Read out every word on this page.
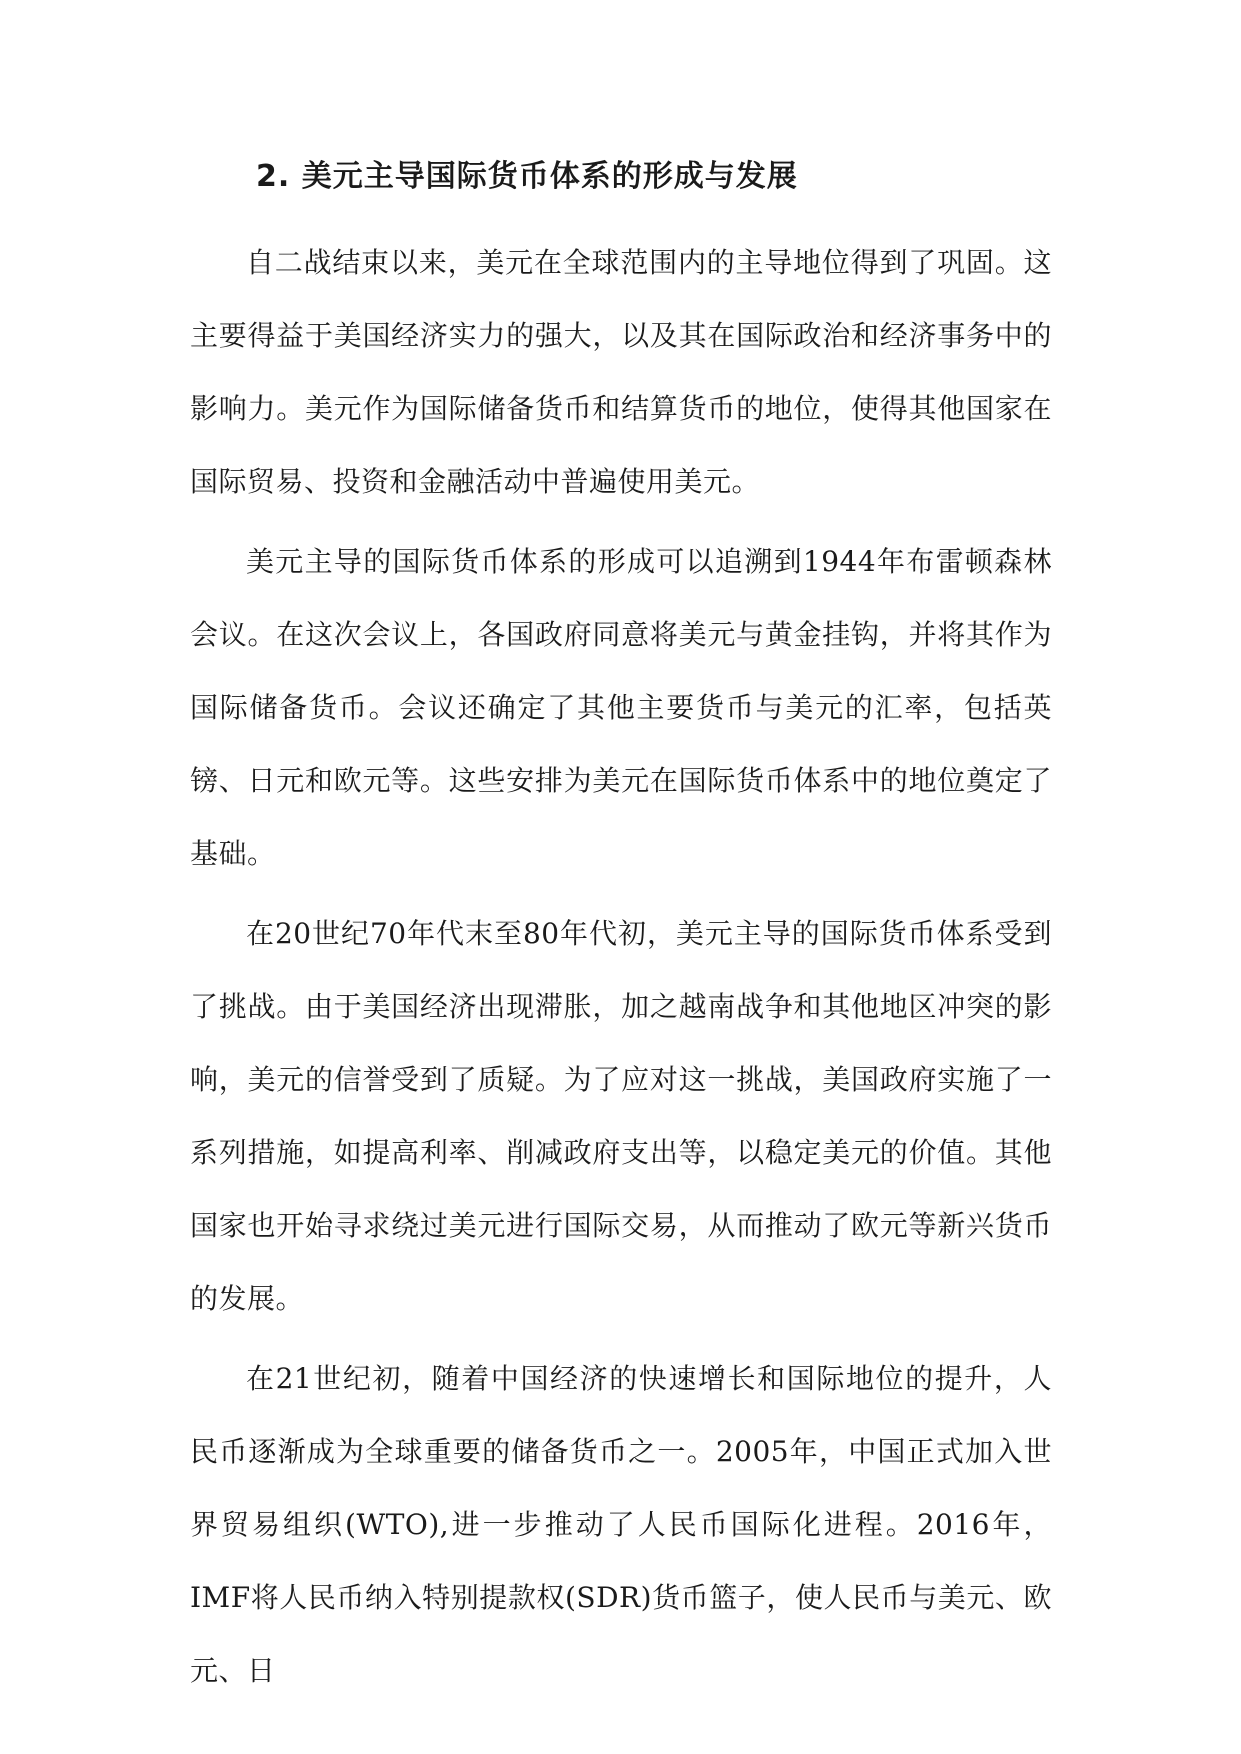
2. 美元主导国际货币体系的形成与发展

自二战结束以来，美元在全球范围内的主导地位得到了巩固。这主要得益于美国经济实力的强大，以及其在国际政治和经济事务中的影响力。美元作为国际储备货币和结算货币的地位，使得其他国家在国际贸易、投资和金融活动中普遍使用美元。

美元主导的国际货币体系的形成可以追溯到1944年布雷顿森林会议。在这次会议上，各国政府同意将美元与黄金挂钩，并将其作为国际储备货币。会议还确定了其他主要货币与美元的汇率，包括英镑、日元和欧元等。这些安排为美元在国际货币体系中的地位奠定了基础。

在20世纪70年代末至80年代初，美元主导的国际货币体系受到了挑战。由于美国经济出现滞胀，加之越南战争和其他地区冲突的影响，美元的信誉受到了质疑。为了应对这一挑战，美国政府实施了一系列措施，如提高利率、削减政府支出等，以稳定美元的价值。其他国家也开始寻求绕过美元进行国际交易，从而推动了欧元等新兴货币的发展。

在21世纪初，随着中国经济的快速增长和国际地位的提升，人民币逐渐成为全球重要的储备货币之一。2005年，中国正式加入世界贸易组织(WTO),进一步推动了人民币国际化进程。2016年，IMF将人民币纳入特别提款权(SDR)货币篮子，使人民币与美元、欧元、日
